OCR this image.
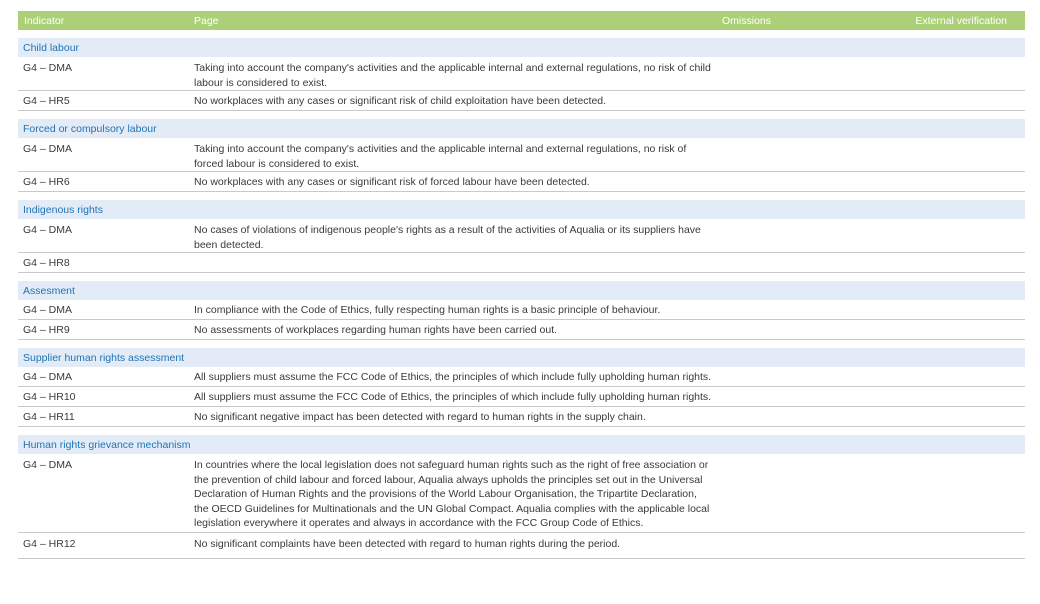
Indicator	Page	Omissions	External verification
Child labour
G4 – DMA	Taking into account the company's activities and the applicable internal and external regulations, no risk of child labour is considered to exist.
G4 – HR5	No workplaces with any cases or significant risk of child exploitation have been detected.
Forced or compulsory labour
G4 – DMA	Taking into account the company's activities and the applicable internal and external regulations, no risk of forced labour is considered to exist.
G4 – HR6	No workplaces with any cases or significant risk of forced labour have been detected.
Indigenous rights
G4 – DMA	No cases of violations of indigenous people's rights as a result of the activities of Aqualia or its suppliers have been detected.
G4 – HR8
Assesment
G4 – DMA	In compliance with the Code of Ethics, fully respecting human rights is a basic principle of behaviour.
G4 – HR9	No assessments of workplaces regarding human rights have been carried out.
Supplier human rights assessment
G4 – DMA	All suppliers must assume the FCC Code of Ethics, the principles of which include fully upholding human rights.
G4 – HR10	All suppliers must assume the FCC Code of Ethics, the principles of which include fully upholding human rights.
G4 – HR11	No significant negative impact has been detected with regard to human rights in the supply chain.
Human rights grievance mechanism
G4 – DMA	In countries where the local legislation does not safeguard human rights such as the right of free association or the prevention of child labour and forced labour, Aqualia always upholds the principles set out in the Universal Declaration of Human Rights and the provisions of the World Labour Organisation, the Tripartite Declaration, the OECD Guidelines for Multinationals and the UN Global Compact. Aqualia complies with the applicable local legislation everywhere it operates and always in accordance with the FCC Group Code of Ethics.
G4 – HR12	No significant complaints have been detected with regard to human rights during the period.
